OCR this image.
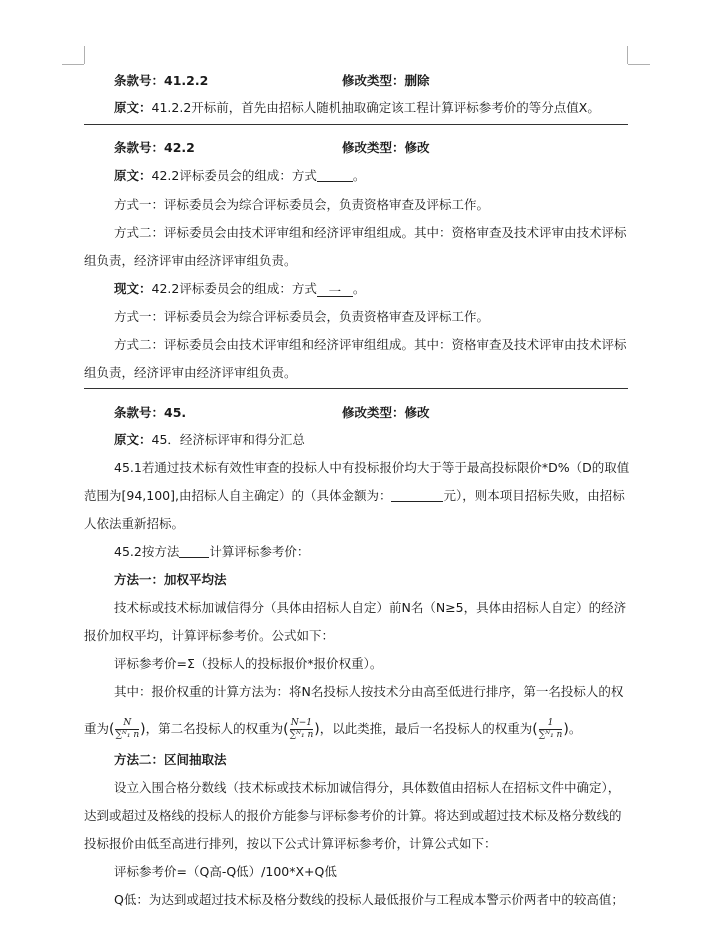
条款号：41.2.2	修改类型：删除
原文：41.2.2开标前，首先由招标人随机抽取确定该工程计算评标参考价的等分点值X。
条款号：42.2	修改类型：修改
原文：42.2评标委员会的组成：方式	。
方式一：评标委员会为综合评标委员会，负责资格审查及评标工作。
方式二：评标委员会由技术评审组和经济评审组组成。其中：资格审查及技术评审由技术评标
组负责，经济评审由经济评审组负责。
现文：42.2评标委员会的组成：方式 一 。
方式一：评标委员会为综合评标委员会，负责资格审查及评标工作。
方式二：评标委员会由技术评审组和经济评审组组成。其中：资格审查及技术评审由技术评标
组负责，经济评审由经济评审组负责。
条款号：45.	修改类型：修改
原文：45．经济标评审和得分汇总
45.1若通过技术标有效性审查的投标人中有投标报价均大于等于最高投标限价*D%（D的取值
范围为[94,100],由招标人自主确定）的（具体金额为：	元），则本项目招标失败，由招标
人依法重新招标。
45.2按方法 计算评标参考价：
方法一：加权平均法
技术标或技术标加诚信得分（具体由招标人自定）前N名（N≥5，具体由招标人自定）的经济
报价加权平均，计算评标参考价。公式如下：
评标参考价=Σ（投标人的投标报价*报价权重）。
其中：报价权重的计算方法为：将N名投标人按技术分由高至低进行排序，第一名投标人的权
重为( $\frac{N}{\text{∑ᴺ₁ n}}$ )，第二名投标人的权重为( $\frac{N-1}{\text{∑ᴺ₁ n}}$ )，以此类推，最后一名投标人的权重为( $\frac{1}{\text{∑ᴺ₁ n}}$ )。
方法二：区间抽取法
设立入围合格分数线（技术标或技术标加诚信得分，具体数值由招标人在招标文件中确定），
达到或超过及格线的投标人的报价方能参与评标参考价的计算。将达到或超过技术标及格分数线的
投标报价由低至高进行排列，按以下公式计算评标参考价，计算公式如下：
评标参考价=（Q高-Q低）/100*X+Q低
Q低：为达到或超过技术标及格分数线的投标人最低报价与工程成本警示价两者中的较高值；
